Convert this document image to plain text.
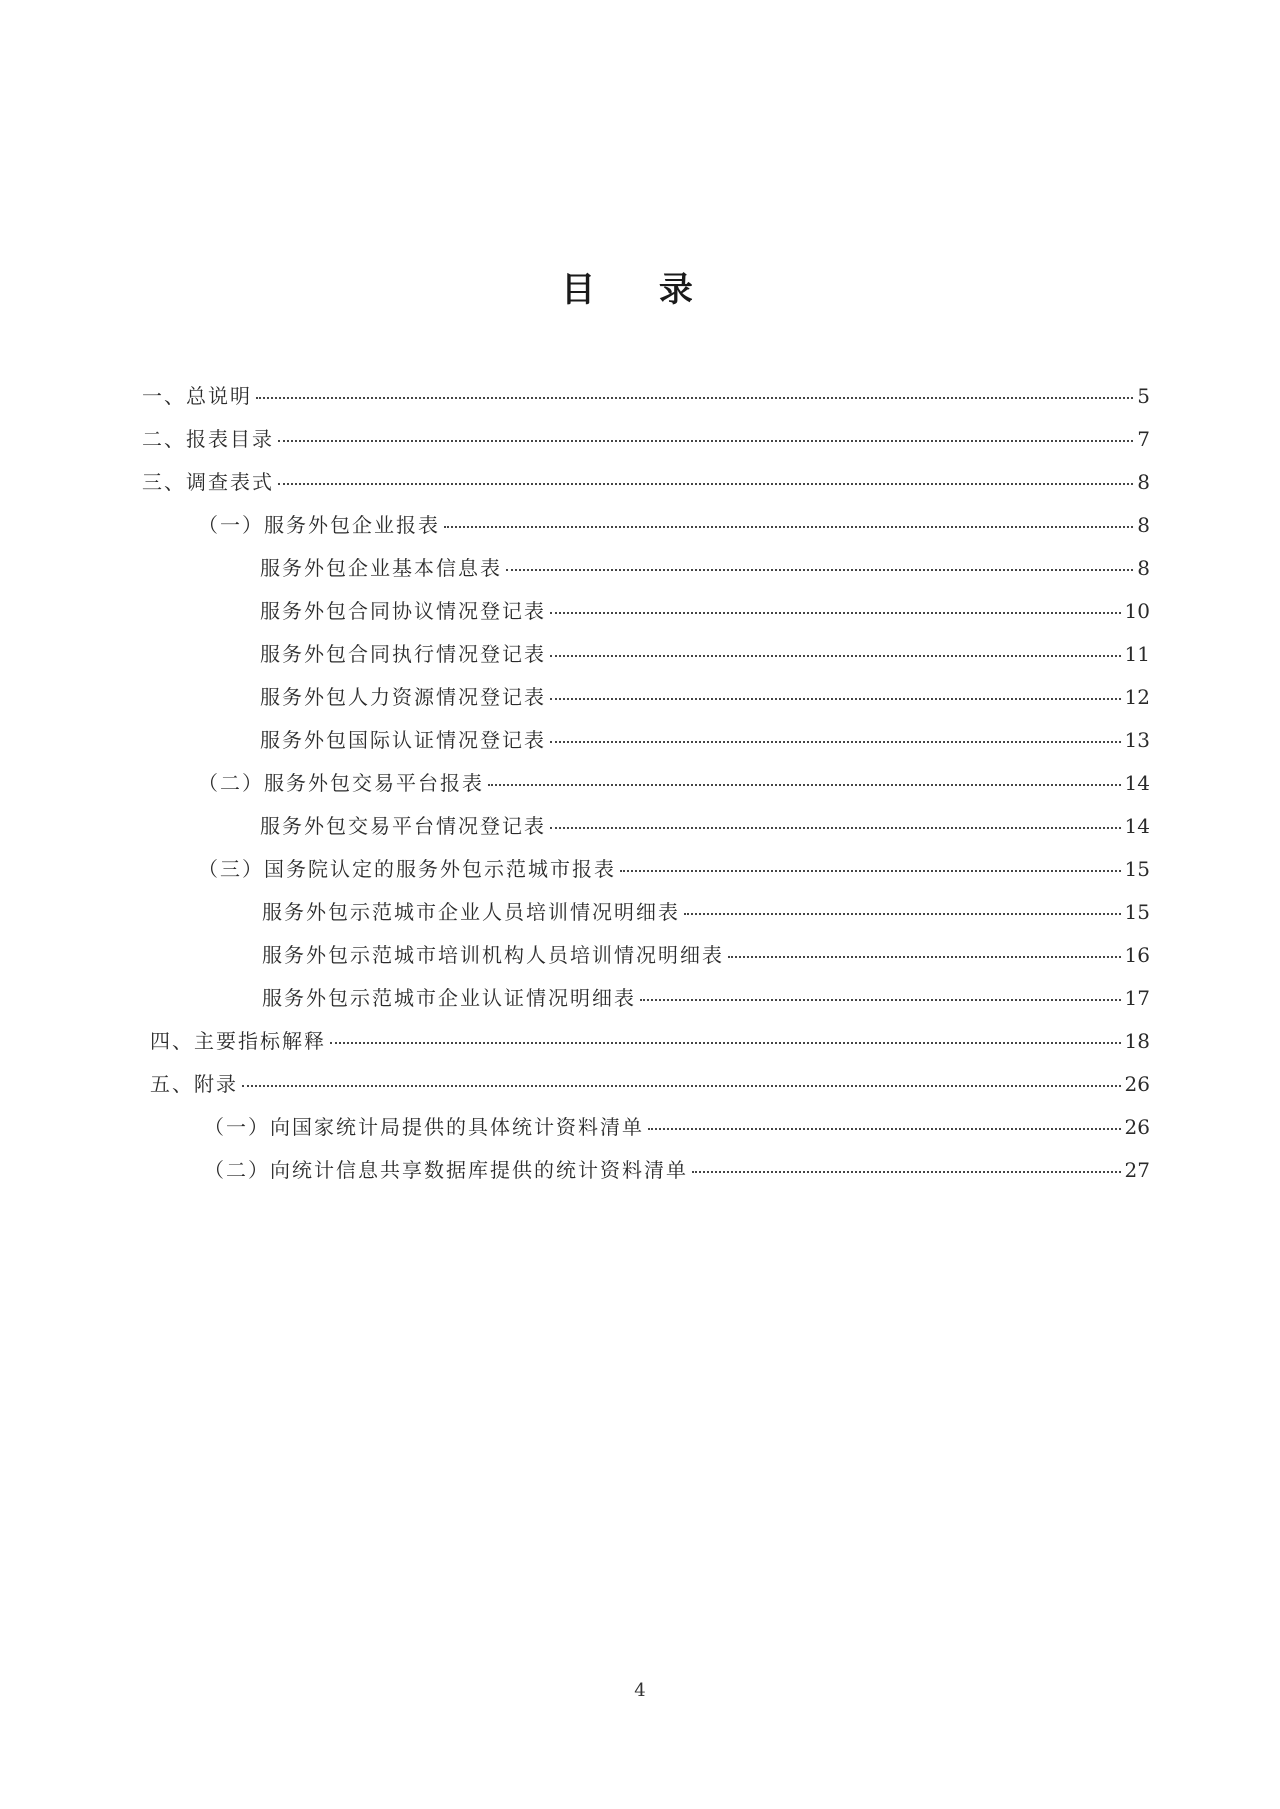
目 录
一、总说明	5
二、报表目录	7
三、调查表式	8
（一）服务外包企业报表	8
服务外包企业基本信息表	8
服务外包合同协议情况登记表	10
服务外包合同执行情况登记表	11
服务外包人力资源情况登记表	12
服务外包国际认证情况登记表	13
（二）服务外包交易平台报表	14
服务外包交易平台情况登记表	14
（三）国务院认定的服务外包示范城市报表	15
服务外包示范城市企业人员培训情况明细表	15
服务外包示范城市培训机构人员培训情况明细表	16
服务外包示范城市企业认证情况明细表	17
四、主要指标解释	18
五、附录	26
（一）向国家统计局提供的具体统计资料清单	26
（二）向统计信息共享数据库提供的统计资料清单	27
4
